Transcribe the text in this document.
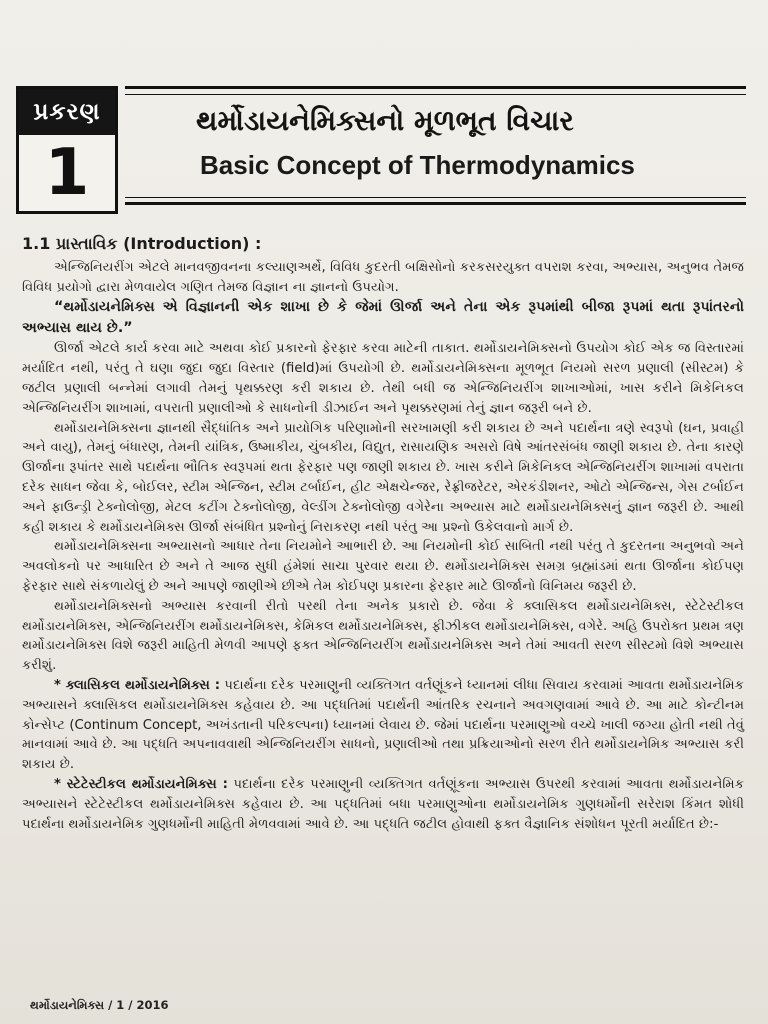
પ્રકરણ
1
થર્મોડાયનેમિક્સનો મૂળભૂત વિચાર
Basic Concept of Thermodynamics
1.1 પ્રાસ્તાવિક (Introduction) :

એન્જિનિયરીંગ એટલે માનવજીવનના કલ્યાણઅર્થે, વિવિધ કુદરતી બક્ષિસોનો કરકસરયુક્ત વપરાશ કરવા, અભ્યાસ, અનુભવ તેમજ વિવિધ પ્રયોગો દ્વારા મેળવાયેલ ગણિત તેમજ વિજ્ઞાન ના જ્ઞાનનો ઉપયોગ.

“થર્મોડાયનેમિક્સ એ વિજ્ઞાનની એક શાખા છે કે જેમાં ઊર્જા અને તેના એક રૂપમાંથી બીજા રૂપમાં થતા રૂપાંતરનો અભ્યાસ થાય છે.”

ઊર્જા એટલે કાર્ય કરવા માટે અથવા કોઈ પ્રકારનો ફેરફાર કરવા માટેની તાકાત. થર્મોડાયનેમિક્સનો ઉપયોગ કોઈ એક જ વિસ્તારમાં મર્યાદિત નથી, પરંતુ તે ઘણા જુદા જુદા વિસ્તાર (field)માં ઉપયોગી છે. થર્મોડાયનેમિક્સના મૂળભૂત નિયમો સરળ પ્રણાલી (સીસ્ટમ) કે જટીલ પ્રણાલી બન્નેમાં લગાવી તેમનું પૃથક્કરણ કરી શકાય છે. તેથી બધી જ એન્જિનિયરીંગ શાખાઓમાં, ખાસ કરીને મિકેનિકલ એન્જિનિયરીંગ શાખામાં, વપરાતી પ્રણાલીઓ કે સાધનોની ડીઝાઈન અને પૃથક્કરણમાં તેનું જ્ઞાન જરૂરી બને છે.

થર્મોડાયનેમિક્સના જ્ઞાનથી સૈદ્ધાંતિક અને પ્રાયોગિક પરિણામોની સરખામણી કરી શકાય છે અને પદાર્થના ત્રણે સ્વરૂપો (ઘન, પ્રવાહી અને વાયુ), તેમનું બંધારણ, તેમની યાંત્રિક, ઉષ્માકીય, ચુંબકીય, વિદ્યુત, રાસાયણિક અસરો વિષે આંતરસંબંધ જાણી શકાય છે. તેના કારણે ઊર્જાના રૂપાંતર સાથે પદાર્થના ભૌતિક સ્વરૂપમાં થતા ફેરફાર પણ જાણી શકાય છે. ખાસ કરીને મિકેનિકલ એન્જિનિયરીંગ શાખામાં વપરાતા દરેક સાધન જેવા કે, બોઈલર, સ્ટીમ એન્જિન, સ્ટીમ ટર્બાઈન, હીટ એક્ષચેન્જર, રેફ્રીજરેટર, એરકંડીશનર, ઓટો એન્જિન્સ, ગેસ ટર્બાઈન અને ફાઉન્ડ્રી ટેક્નોલોજી, મેટલ કટીંગ ટેક્નોલોજી, વેલ્ડીંગ ટેક્નોલોજી વગેરેના અભ્યાસ માટે થર્મોડાયનેમિક્સનું જ્ઞાન જરૂરી છે. આથી કહી શકાય કે થર્મોડાયનેમિક્સ ઊર્જા સંબંધિત પ્રશ્નોનું નિરાકરણ નથી પરંતુ આ પ્રશ્નો ઉકેલવાનો માર્ગ છે.

થર્મોડાયનેમિક્સના અભ્યાસનો આધાર તેના નિયમોને આભારી છે. આ નિયમોની કોઈ સાબિતી નથી પરંતુ તે કુદરતના અનુભવો અને અવલોકનો પર આધારિત છે અને તે આજ સુધી હંમેશાં સાચા પુરવાર થયા છે. થર્મોડાયનેમિક્સ સમગ્ર બ્રહ્માંડમાં થતા ઊર્જાના કોઈપણ ફેરફાર સાથે સંકળાયેલું છે અને આપણે જાણીએ છીએ તેમ કોઈપણ પ્રકારના ફેરફાર માટે ઊર્જાનો વિનિમય જરૂરી છે.

થર્મોડાયનેમિક્સનો અભ્યાસ કરવાની રીતો પરથી તેના અનેક પ્રકારો છે. જેવા કે ક્લાસિકલ થર્મોડાયનેમિક્સ, સ્ટેટેસ્ટીકલ થર્મોડાયનેમિક્સ, એન્જિનિયરીંગ થર્મોડાયનેમિક્સ, કેમિકલ થર્મોડાયનેમિક્સ, ફીઝીકલ થર્મોડાયનેમિક્સ, વગેરે. અહિ ઉપરોક્ત પ્રથમ ત્રણ થર્મોડાયનેમિક્સ વિશે જરૂરી માહિતી મેળવી આપણે ફક્ત એન્જિનિયરીંગ થર્મોડાયનેમિક્સ અને તેમાં આવતી સરળ સીસ્ટમો વિશે અભ્યાસ કરીશું.

* ક્લાસિકલ થર્મોડાયનેમિક્સ : પદાર્થના દરેક પરમાણુની વ્યક્તિગત વર્તણૂંકને ધ્યાનમાં લીધા સિવાય કરવામાં આવતા થર્મોડાયનેમિક અભ્યાસને ક્લાસિકલ થર્મોડાયનેમિક્સ કહેવાય છે. આ પદ્ધતિમાં પદાર્થની આંતરિક રચનાને અવગણવામાં આવે છે. આ માટે કોન્ટીનમ કોન્સેપ્ટ (Continum Concept, અખંડતાની પરિકલ્પના) ધ્યાનમાં લેવાય છે. જેમાં પદાર્થના પરમાણુઓ વચ્ચે ખાલી જગ્યા હોતી નથી તેવું માનવામાં આવે છે. આ પદ્ધતિ અપનાવવાથી એન્જિનિયરીંગ સાધનો, પ્રણાલીઓ તથા પ્રક્રિયાઓનો સરળ રીતે થર્મોડાયનેમિક અભ્યાસ કરી શકાય છે.

* સ્ટેટેસ્ટીકલ થર્મોડાયનેમિક્સ : પદાર્થના દરેક પરમાણુની વ્યક્તિગત વર્તણૂંકના અભ્યાસ ઉપરથી કરવામાં આવતા થર્મોડાયનેમિક અભ્યાસને સ્ટેટેસ્ટીકલ થર્મોડાયનેમિક્સ કહેવાય છે. આ પદ્ધતિમાં બધા પરમાણુઓના થર્મોડાયનેમિક ગુણધર્મોની સરેરાશ કિંમત શોધી પદાર્થના થર્મોડાયનેમિક ગુણધર્મોની માહિતી મેળવવામાં આવે છે. આ પદ્ધતિ જટીલ હોવાથી ફક્ત વૈજ્ઞાનિક સંશોધન પૂરતી મર્યાદિત છે:-

થર્મોડાયનેમિક્સ / 1 / 2016
